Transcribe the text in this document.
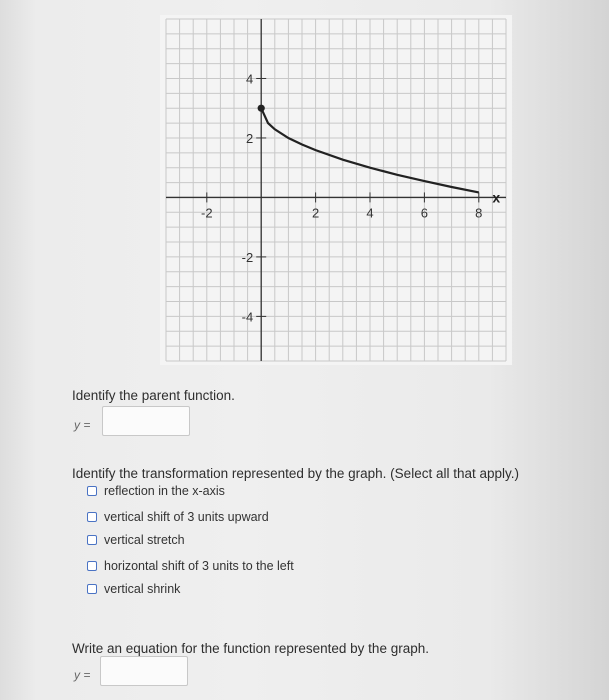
-2	2	4	6	8
4
2
-2
-4
x
Identify the parent function.
y =
Identify the transformation represented by the graph. (Select all that apply.)
reflection in the x-axis
vertical shift of 3 units upward
vertical stretch
horizontal shift of 3 units to the left
vertical shrink
Write an equation for the function represented by the graph.
y =
